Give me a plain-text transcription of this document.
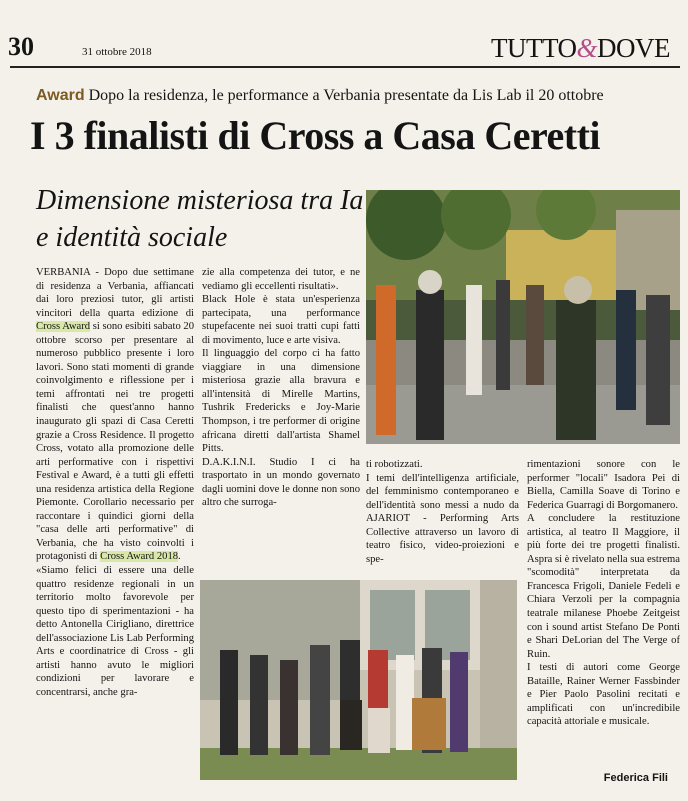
30	31 ottobre 2018	TUTTO&DOVE
Award Dopo la residenza, le performance a Verbania presentate da Lis Lab il 20 ottobre
I 3 finalisti di Cross a Casa Ceretti
Dimensione misteriosa tra Ia e identità sociale

VERBANIA - Dopo due settimane di residenza a Verbania, affiancati dai loro preziosi tutor, gli artisti vincitori della quarta edizione di Cross Award si sono esibiti sabato 20 ottobre scorso per presentare al numeroso pubblico presente i loro lavori. Sono stati momenti di grande coinvolgimento e riflessione per i temi affrontati nei tre progetti finalisti che quest'anno hanno inaugurato gli spazi di Casa Ceretti grazie a Cross Residence. Il progetto Cross, votato alla promozione delle arti performative con i rispettivi Festival e Award, è a tutti gli effetti una residenza artistica della Regione Piemonte. Corollario necessario per raccontare i quindici giorni della "casa delle arti performative" di Verbania, che ha visto coinvolti i protagonisti di Cross Award 2018.

«Siamo felici di essere una delle quattro residenze regionali in un territorio molto favorevole per questo tipo di sperimentazioni - ha detto Antonella Cirigliano, direttrice dell'associazione Lis Lab Performing Arts e coordinatrice di Cross - gli artisti hanno avuto le migliori condizioni per lavorare e concentrarsi, anche gra-

zie alla competenza dei tutor, e ne vediamo gli eccellenti risultati».

Black Hole è stata un'esperienza partecipata, una performance stupefacente nei suoi tratti cupi fatti di movimento, luce e arte visiva.

Il linguaggio del corpo ci ha fatto viaggiare in una dimensione misteriosa grazie alla bravura e all'intensità di Mirelle Martins, Tushrik Fredericks e Joy-Marie Thompson, i tre performer di origine africana diretti dall'artista Shamel Pitts.

D.A.K.I.N.I. Studio I ci ha trasportato in un mondo governato dagli uomini dove le donne non sono altro che surroga-

ti robotizzati.

I temi dell'intelligenza artificiale, del femminismo contemporaneo e dell'identità sono messi a nudo da AJARIOT - Performing Arts Collective attraverso un lavoro di teatro fisico, video-proiezioni e spe-

rimentazioni sonore con le performer "locali" Isadora Pei di Biella, Camilla Soave di Torino e Federica Guarragi di Borgomanero.

A concludere la restituzione artistica, al teatro Il Maggiore, il più forte dei tre progetti finalisti. Aspra si è rivelato nella sua estrema "scomodità" interpretata da Francesca Frigoli, Daniele Fedeli e Chiara Verzoli per la compagnia teatrale milanese Phoebe Zeitgeist con i sound artist Stefano De Ponti e Shari DeLorian del The Verge of Ruin.

I testi di autori come George Bataille, Rainer Werner Fassbinder e Pier Paolo Pasolini recitati e amplificati con un'incredibile capacità attoriale e musicale.

Federica Fili
